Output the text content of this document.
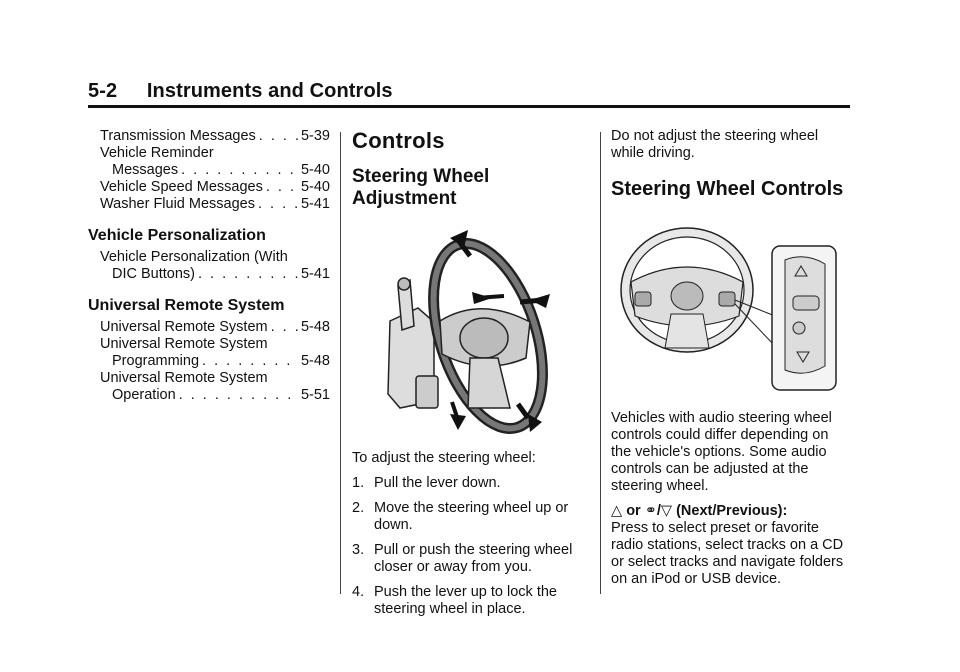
5-2 Instruments and Controls
Transmission Messages . . .	5-39
Vehicle Reminder
Messages . . .	5-40
Vehicle Speed Messages . . .	5-40
Washer Fluid Messages . . .	5-41
Vehicle Personalization
Vehicle Personalization (With
DIC Buttons) . . .	5-41
Universal Remote System
Universal Remote System . . . 5-48
Universal Remote System
Programming . . .	5-48
Universal Remote System
Operation . . .	5-51
Controls
Steering Wheel Adjustment
To adjust the steering wheel:
1. Pull the lever down.
2. Move the steering wheel up or down.
3. Pull or push the steering wheel closer or away from you.
4. Push the lever up to lock the steering wheel in place.
Do not adjust the steering wheel while driving.
Steering Wheel Controls
Vehicles with audio steering wheel controls could differ depending on the vehicle's options. Some audio controls can be adjusted at the steering wheel.
△ or ⚭/▽ (Next/Previous):
Press to select preset or favorite radio stations, select tracks on a CD or select tracks and navigate folders on an iPod or USB device.
